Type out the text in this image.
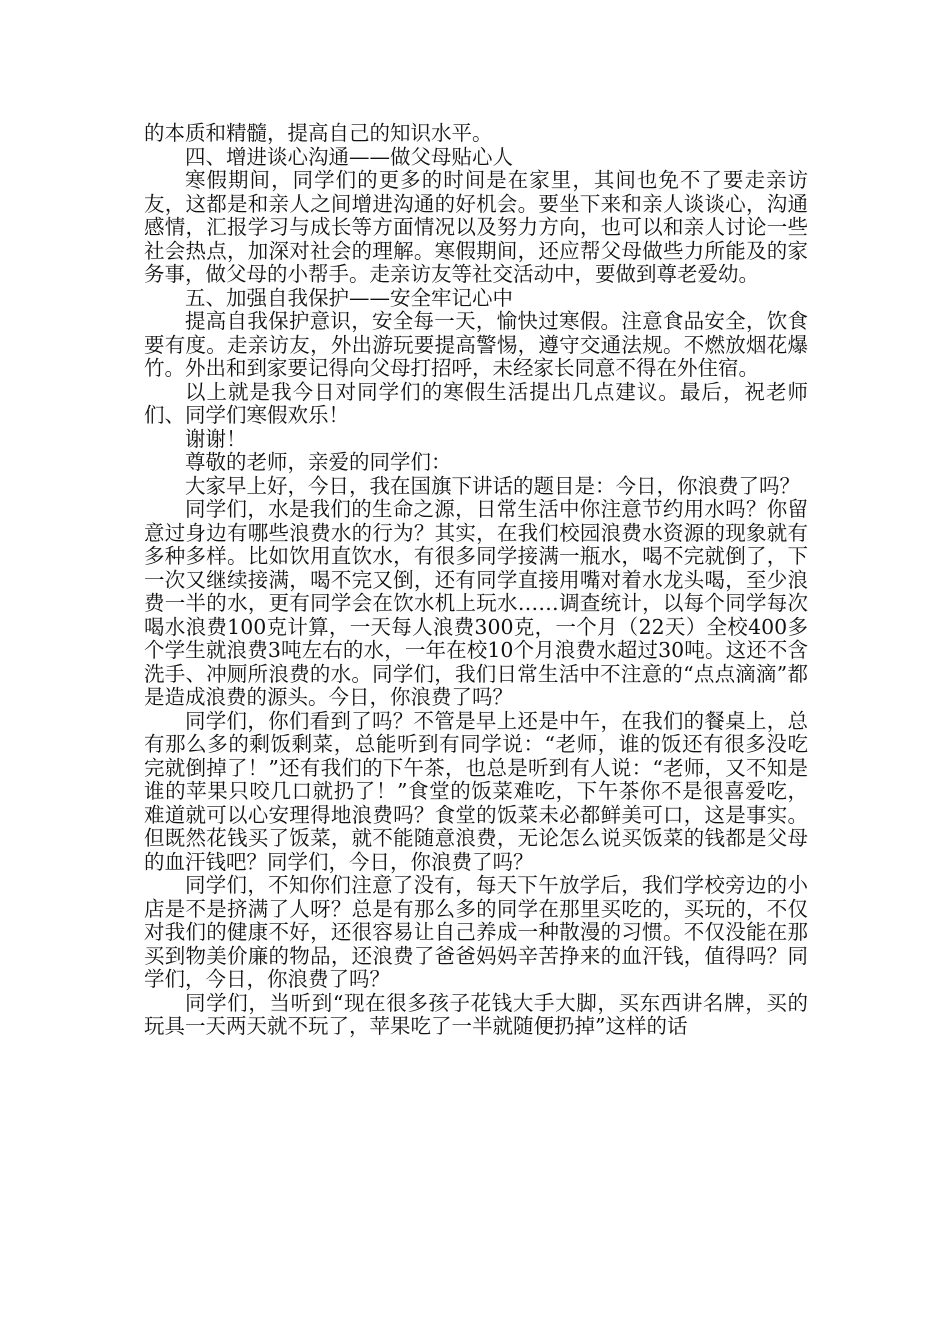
的本质和精髓，提高自己的知识水平。

四、增进谈心沟通——做父母贴心人

寒假期间，同学们的更多的时间是在家里，其间也免不了要走亲访友，这都是和亲人之间增进沟通的好机会。要坐下来和亲人谈谈心，沟通感情，汇报学习与成长等方面情况以及努力方向，也可以和亲人讨论一些社会热点，加深对社会的理解。寒假期间，还应帮父母做些力所能及的家务事，做父母的小帮手。走亲访友等社交活动中，要做到尊老爱幼。

五、加强自我保护——安全牢记心中

提高自我保护意识，安全每一天，愉快过寒假。注意食品安全，饮食要有度。走亲访友，外出游玩要提高警惕，遵守交通法规。不燃放烟花爆竹。外出和到家要记得向父母打招呼，未经家长同意不得在外住宿。

以上就是我今日对同学们的寒假生活提出几点建议。最后，祝老师们、同学们寒假欢乐！

谢谢！

尊敬的老师，亲爱的同学们：

大家早上好，今日，我在国旗下讲话的题目是：今日，你浪费了吗？

同学们，水是我们的生命之源，日常生活中你注意节约用水吗？你留意过身边有哪些浪费水的行为？其实，在我们校园浪费水资源的现象就有多种多样。比如饮用直饮水，有很多同学接满一瓶水，喝不完就倒了，下一次又继续接满，喝不完又倒，还有同学直接用嘴对着水龙头喝，至少浪费一半的水，更有同学会在饮水机上玩水……调查统计，以每个同学每次喝水浪费100克计算，一天每人浪费300克，一个月（22天）全校400多个学生就浪费3吨左右的水，一年在校10个月浪费水超过30吨。这还不含洗手、冲厕所浪费的水。同学们，我们日常生活中不注意的“点点滴滴”都是造成浪费的源头。今日，你浪费了吗？

同学们，你们看到了吗？不管是早上还是中午，在我们的餐桌上，总有那么多的剩饭剩菜，总能听到有同学说：“老师，谁的饭还有很多没吃完就倒掉了！”还有我们的下午茶，也总是听到有人说：“老师，又不知是谁的苹果只咬几口就扔了！”食堂的饭菜难吃，下午茶你不是很喜爱吃，难道就可以心安理得地浪费吗？食堂的饭菜未必都鲜美可口，这是事实。但既然花钱买了饭菜，就不能随意浪费，无论怎么说买饭菜的钱都是父母的血汗钱吧？同学们，今日，你浪费了吗？

同学们，不知你们注意了没有，每天下午放学后，我们学校旁边的小店是不是挤满了人呀？总是有那么多的同学在那里买吃的，买玩的，不仅对我们的健康不好，还很容易让自己养成一种散漫的习惯。不仅没能在那买到物美价廉的物品，还浪费了爸爸妈妈辛苦挣来的血汗钱，值得吗？同学们，今日，你浪费了吗？

同学们，当听到“现在很多孩子花钱大手大脚，买东西讲名牌，买的玩具一天两天就不玩了，苹果吃了一半就随便扔掉”这样的话
